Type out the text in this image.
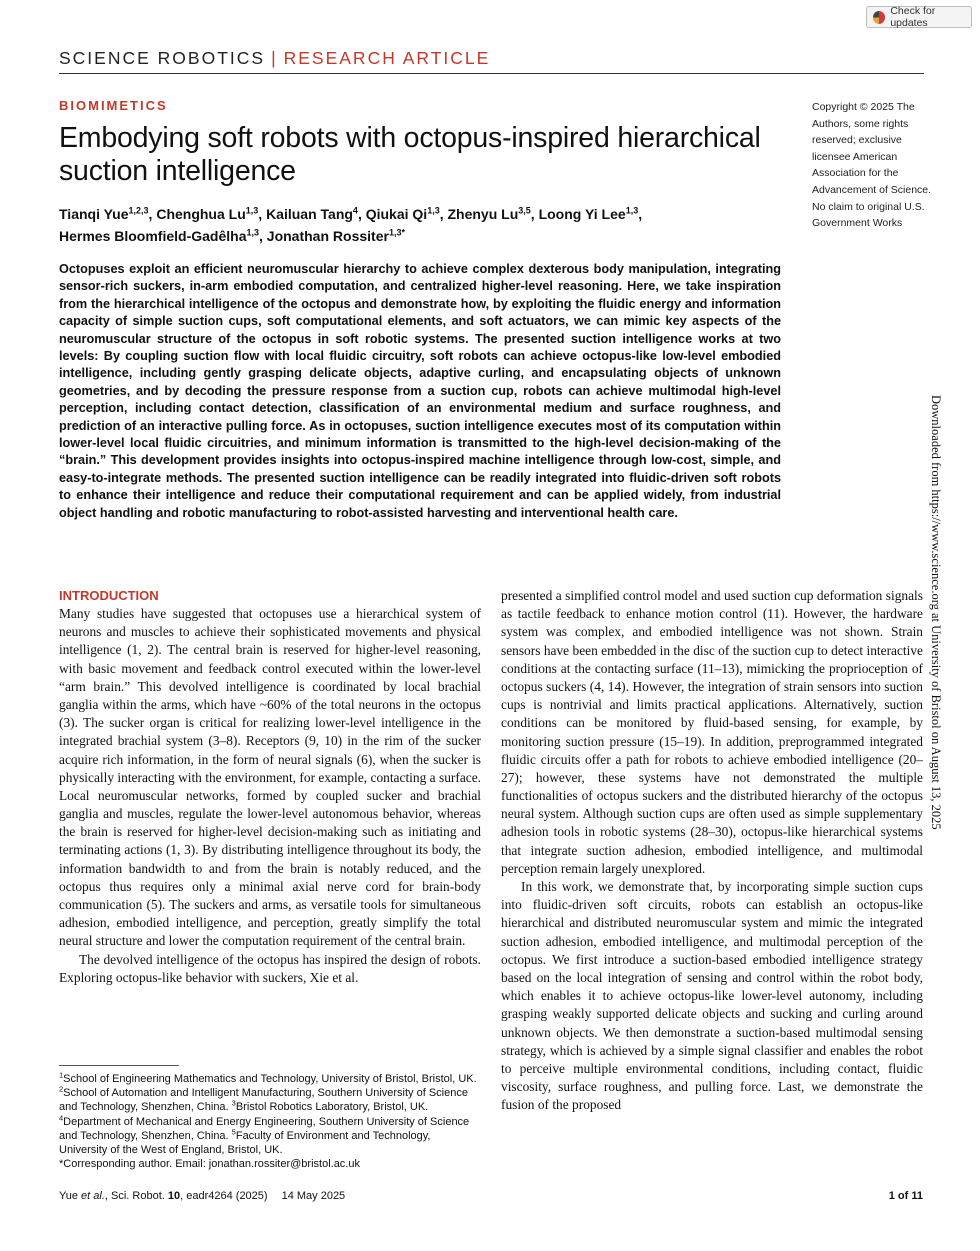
Check for updates
SCIENCE ROBOTICS | RESEARCH ARTICLE
BIOMIMETICS
Embodying soft robots with octopus-inspired hierarchical suction intelligence
Tianqi Yue$^{1,2,3}$, Chenghua Lu$^{1,3}$, Kailuan Tang$^4$, Qiukai Qi$^{1,3}$, Zhenyu Lu$^{3,5}$, Loong Yi Lee$^{1,3}$,
Hermes Bloomfield-Gadêlha$^{1,3}$, Jonathan Rossiter$^{1,3*}$
Copyright © 2025 The Authors, some rights reserved; exclusive licensee American Association for the Advancement of Science. No claim to original U.S. Government Works

Octopuses exploit an efficient neuromuscular hierarchy to achieve complex dexterous body manipulation, integrating sensor-rich suckers, in-arm embodied computation, and centralized higher-level reasoning. Here, we take inspiration from the hierarchical intelligence of the octopus and demonstrate how, by exploiting the fluidic energy and information capacity of simple suction cups, soft computational elements, and soft actuators, we can mimic key aspects of the neuromuscular structure of the octopus in soft robotic systems. The presented suction intelligence works at two levels: By coupling suction flow with local fluidic circuitry, soft robots can achieve octopus-like low-level embodied intelligence, including gently grasping delicate objects, adaptive curling, and encapsulating objects of unknown geometries, and by decoding the pressure response from a suction cup, robots can achieve multimodal high-level perception, including contact detection, classification of an environmental medium and surface roughness, and prediction of an interactive pulling force. As in octopuses, suction intelligence executes most of its computation within lower-level local fluidic circuitries, and minimum information is transmitted to the high-level decision-making of the “brain.” This development provides insights into octopus-inspired machine intelligence through low-cost, simple, and easy-to-integrate methods. The presented suction intelligence can be readily integrated into fluidic-driven soft robots to enhance their intelligence and reduce their computational requirement and can be applied widely, from industrial object handling and robotic manufacturing to robot-assisted harvesting and interventional health care.	Downloaded from https://www.science.org at University of Bristol on August 13, 2025
INTRODUCTION

Many studies have suggested that octopuses use a hierarchical system of neurons and muscles to achieve their sophisticated movements and physical intelligence (1, 2). The central brain is reserved for higher-level reasoning, with basic movement and feedback control executed within the lower-level “arm brain.” This devolved intelligence is coordinated by local brachial ganglia within the arms, which have ~60% of the total neurons in the octopus (3). The sucker organ is critical for realizing lower-level intelligence in the integrated brachial system (3–8). Receptors (9, 10) in the rim of the sucker acquire rich information, in the form of neural signals (6), when the sucker is physically interacting with the environment, for example, contacting a surface. Local neuromuscular networks, formed by coupled sucker and brachial ganglia and muscles, regulate the lower-level autonomous behavior, whereas the brain is reserved for higher-level decision-making such as initiating and terminating actions (1, 3). By distributing intelligence throughout its body, the information bandwidth to and from the brain is notably reduced, and the octopus thus requires only a minimal axial nerve cord for brain-body communication (5). The suckers and arms, as versatile tools for simultaneous adhesion, embodied intelligence, and perception, greatly simplify the total neural structure and lower the computation requirement of the central brain.

The devolved intelligence of the octopus has inspired the design of robots. Exploring octopus-like behavior with suckers, Xie et al.

presented a simplified control model and used suction cup deformation signals as tactile feedback to enhance motion control (11). However, the hardware system was complex, and embodied intelligence was not shown. Strain sensors have been embedded in the disc of the suction cup to detect interactive conditions at the contacting surface (11–13), mimicking the proprioception of octopus suckers (4, 14). However, the integration of strain sensors into suction cups is nontrivial and limits practical applications. Alternatively, suction conditions can be monitored by fluid-based sensing, for example, by monitoring suction pressure (15–19). In addition, preprogrammed integrated fluidic circuits offer a path for robots to achieve embodied intelligence (20–27); however, these systems have not demonstrated the multiple functionalities of octopus suckers and the distributed hierarchy of the octopus neural system. Although suction cups are often used as simple supplementary adhesion tools in robotic systems (28–30), octopus-like hierarchical systems that integrate suction adhesion, embodied intelligence, and multimodal perception remain largely unexplored.

In this work, we demonstrate that, by incorporating simple suction cups into fluidic-driven soft circuits, robots can establish an octopus-like hierarchical and distributed neuromuscular system and mimic the integrated suction adhesion, embodied intelligence, and multimodal perception of the octopus. We first introduce a suction-based embodied intelligence strategy based on the local integration of sensing and control within the robot body, which enables it to achieve octopus-like lower-level autonomy, including grasping weakly supported delicate objects and sucking and curling around unknown objects. We then demonstrate a suction-based multimodal sensing strategy, which is achieved by a simple signal classifier and enables the robot to perceive multiple environmental conditions, including contact, fluidic viscosity, surface roughness, and pulling force. Last, we demonstrate the fusion of the proposed

$^1$School of Engineering Mathematics and Technology, University of Bristol, Bristol, UK. $^2$School of Automation and Intelligent Manufacturing, Southern University of Science and Technology, Shenzhen, China. $^3$Bristol Robotics Laboratory, Bristol, UK. $^4$Department of Mechanical and Energy Engineering, Southern University of Science and Technology, Shenzhen, China. $^5$Faculty of Environment and Technology, University of the West of England, Bristol, UK.
*Corresponding author. Email: jonathan.rossiter@bristol.ac.uk
Yue et al., Sci. Robot. 10, eadr4264 (2025) 14 May 2025	1 of 11
